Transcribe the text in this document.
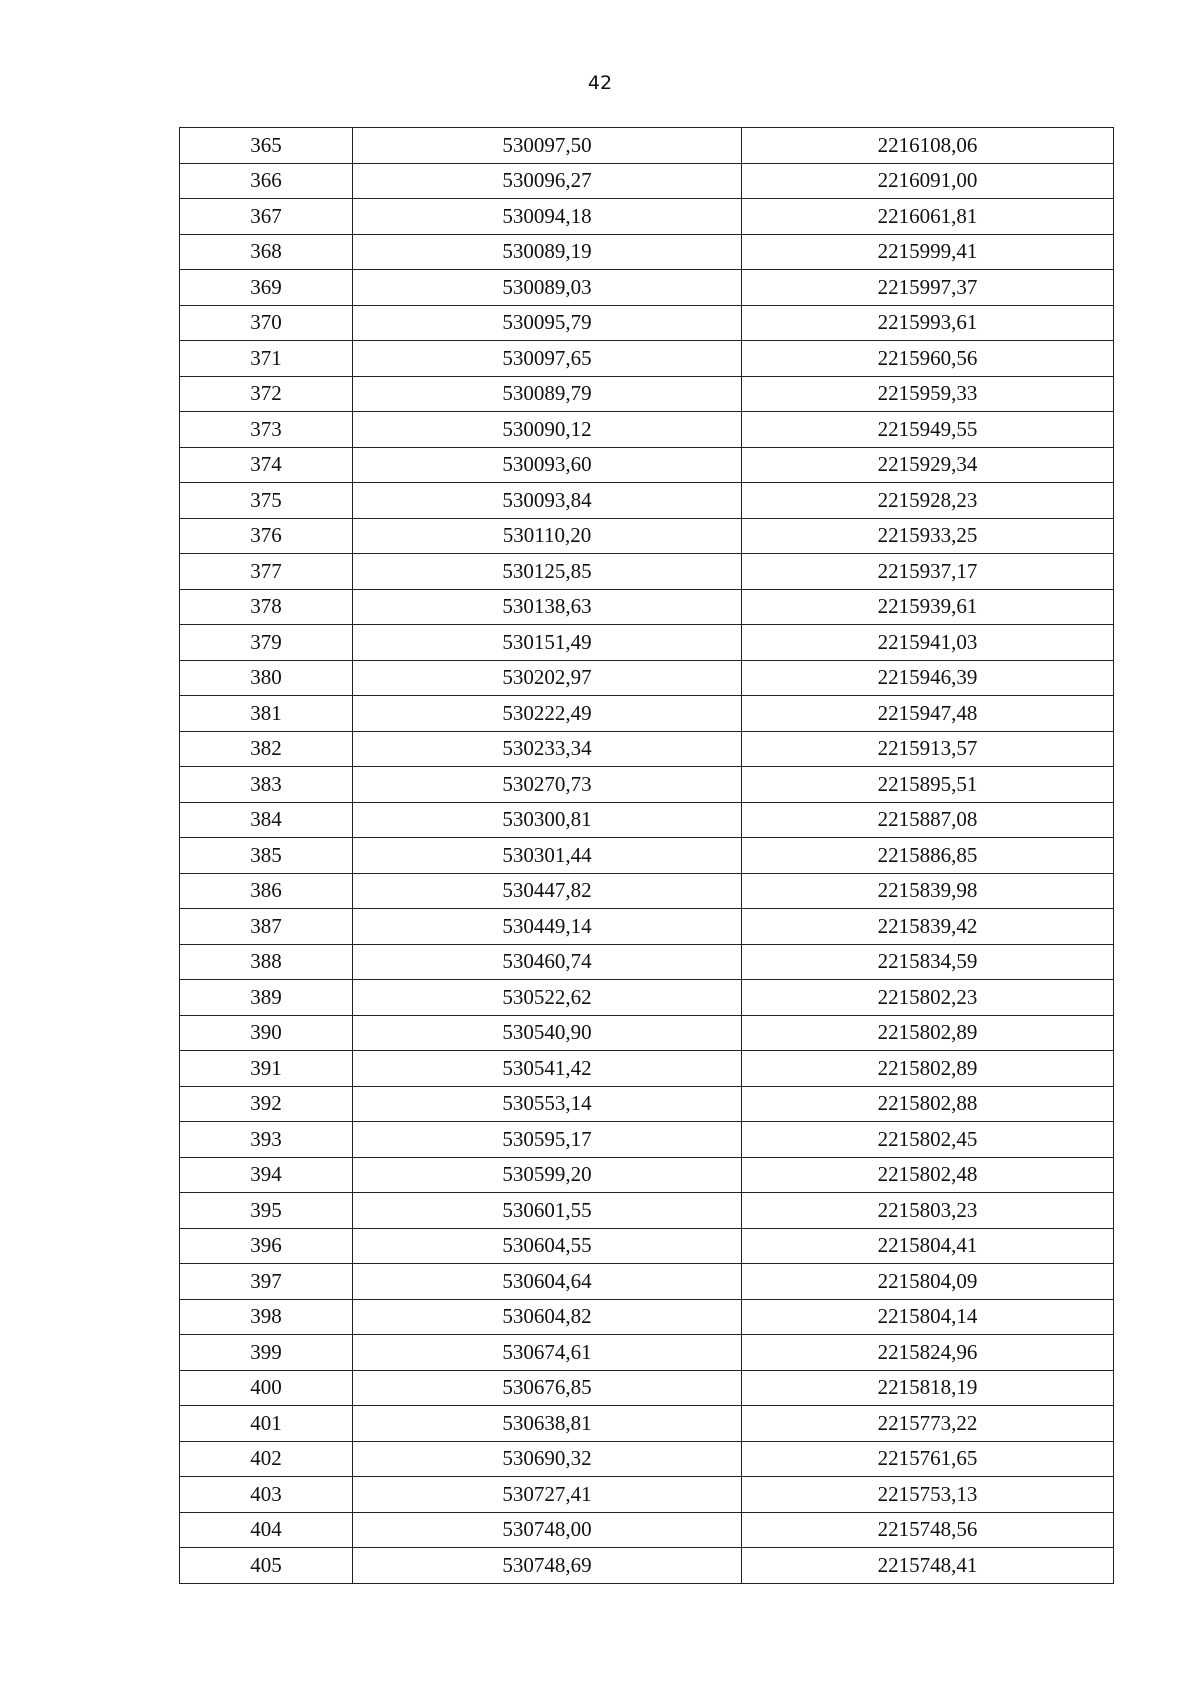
42
365	530097,50	2216108,06
366	530096,27	2216091,00
367	530094,18	2216061,81
368	530089,19	2215999,41
369	530089,03	2215997,37
370	530095,79	2215993,61
371	530097,65	2215960,56
372	530089,79	2215959,33
373	530090,12	2215949,55
374	530093,60	2215929,34
375	530093,84	2215928,23
376	530110,20	2215933,25
377	530125,85	2215937,17
378	530138,63	2215939,61
379	530151,49	2215941,03
380	530202,97	2215946,39
381	530222,49	2215947,48
382	530233,34	2215913,57
383	530270,73	2215895,51
384	530300,81	2215887,08
385	530301,44	2215886,85
386	530447,82	2215839,98
387	530449,14	2215839,42
388	530460,74	2215834,59
389	530522,62	2215802,23
390	530540,90	2215802,89
391	530541,42	2215802,89
392	530553,14	2215802,88
393	530595,17	2215802,45
394	530599,20	2215802,48
395	530601,55	2215803,23
396	530604,55	2215804,41
397	530604,64	2215804,09
398	530604,82	2215804,14
399	530674,61	2215824,96
400	530676,85	2215818,19
401	530638,81	2215773,22
402	530690,32	2215761,65
403	530727,41	2215753,13
404	530748,00	2215748,56
405	530748,69	2215748,41
